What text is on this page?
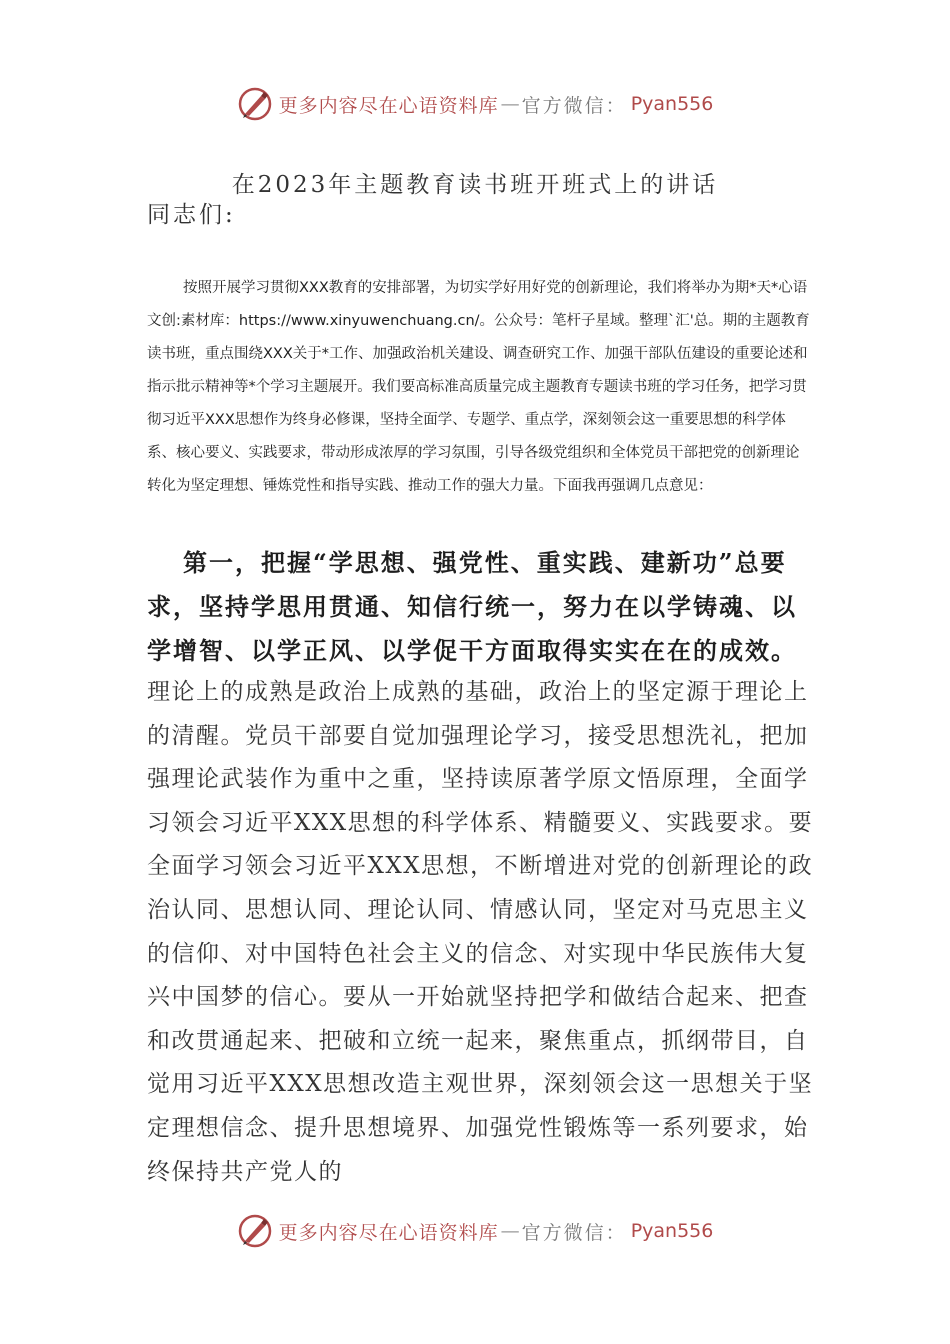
更多内容尽在心语资料库 — 官方微信： Pyan556
在2023年主题教育读书班开班式上的讲话
同志们:

按照开展学习贯彻XXX教育的安排部署，为切实学好用好党的创新理论，我们将举办为期*天*心语文创:素材库：https://www.xinyuwenchuang.cn/。公众号：笔杆子星域。整理`汇'总。期的主题教育读书班，重点围绕XXX关于*工作、加强政治机关建设、调查研究工作、加强干部队伍建设的重要论述和指示批示精神等*个学习主题展开。我们要高标准高质量完成主题教育专题读书班的学习任务，把学习贯彻习近平XXX思想作为终身必修课，坚持全面学、专题学、重点学，深刻领会这一重要思想的科学体系、核心要义、实践要求，带动形成浓厚的学习氛围，引导各级党组织和全体党员干部把党的创新理论转化为坚定理想、锤炼党性和指导实践、推动工作的强大力量。下面我再强调几点意见：

第一，把握“学思想、强党性、重实践、建新功”总要求，坚持学思用贯通、知信行统一，努力在以学铸魂、以学增智、以学正风、以学促干方面取得实实在在的成效。

理论上的成熟是政治上成熟的基础，政治上的坚定源于理论上的清醒。党员干部要自觉加强理论学习，接受思想洗礼，把加强理论武装作为重中之重，坚持读原著学原文悟原理，全面学习领会习近平XXX思想的科学体系、精髓要义、实践要求。要全面学习领会习近平XXX思想，不断增进对党的创新理论的政治认同、思想认同、理论认同、情感认同，坚定对马克思主义的信仰、对中国特色社会主义的信念、对实现中华民族伟大复兴中国梦的信心。要从一开始就坚持把学和做结合起来、把查和改贯通起来、把破和立统一起来，聚焦重点，抓纲带目，自觉用习近平XXX思想改造主观世界，深刻领会这一思想关于坚定理想信念、提升思想境界、加强党性锻炼等一系列要求，始终保持共产党人的

更多内容尽在心语资料库 — 官方微信： Pyan556
